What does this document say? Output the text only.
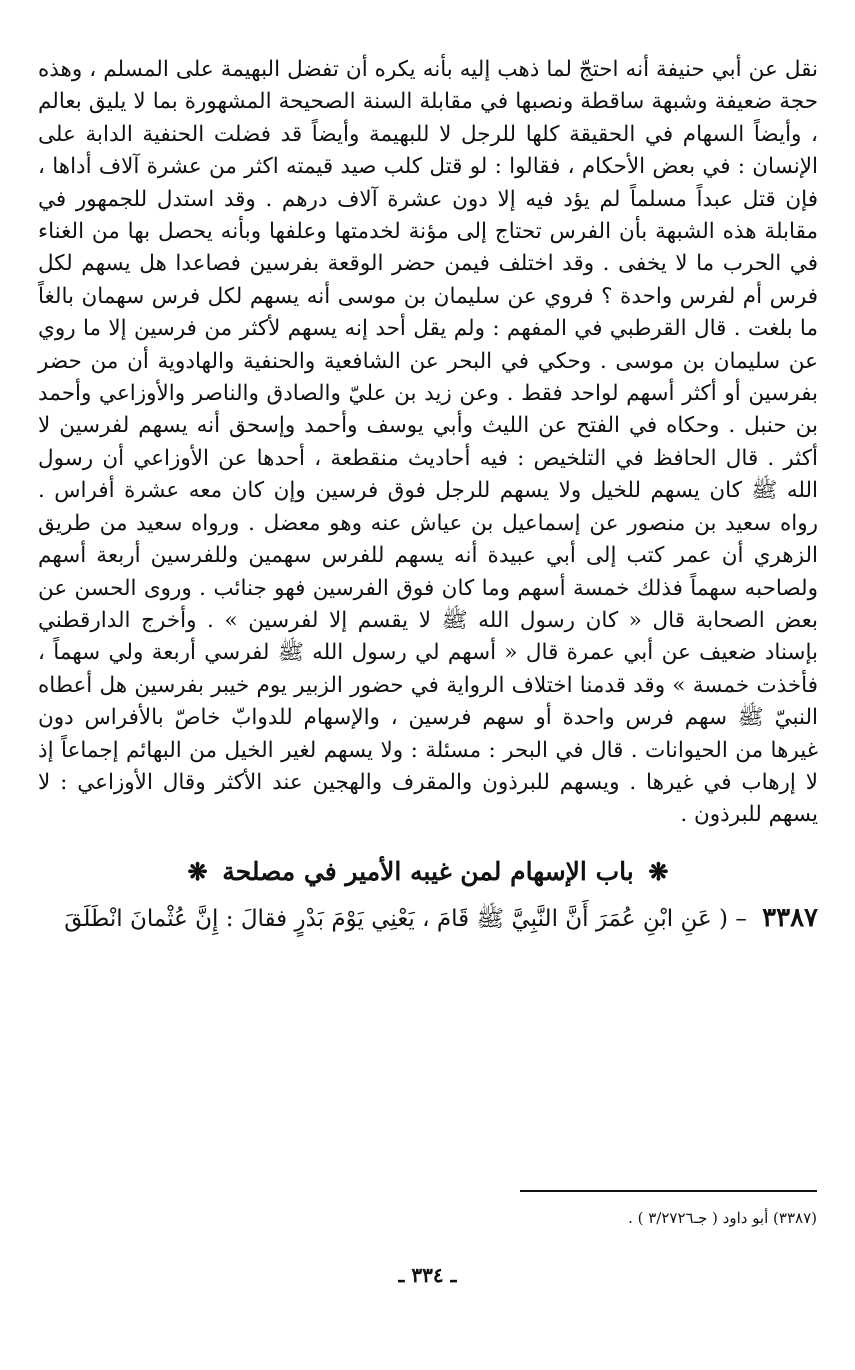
نقل عن أبي حنيفة أنه احتجّ لما ذهب إليه بأنه يكره أن تفضل البهيمة على المسلم ، وهذه حجة ضعيفة وشبهة ساقطة ونصبها في مقابلة السنة الصحيحة المشهورة بما لا يليق بعالم ، وأيضاً السهام في الحقيقة كلها للرجل لا للبهيمة وأيضاً قد فضلت الحنفية الدابة على الإنسان : في بعض الأحكام ، فقالوا : لو قتل كلب صيد قيمته اكثر من عشرة آلاف أداها ، فإن قتل عبداً مسلماً لم يؤد فيه إلا دون عشرة آلاف درهم . وقد استدل للجمهور في مقابلة هذه الشبهة بأن الفرس تحتاج إلى مؤنة لخدمتها وعلفها وبأنه يحصل بها من الغناء في الحرب ما لا يخفى . وقد اختلف فيمن حضر الوقعة بفرسين فصاعدا هل يسهم لكل فرس أم لفرس واحدة ؟ فروي عن سليمان بن موسى أنه يسهم لكل فرس سهمان بالغاً ما بلغت . قال القرطبي في المفهم : ولم يقل أحد إنه يسهم لأكثر من فرسين إلا ما روي عن سليمان بن موسى . وحكي في البحر عن الشافعية والحنفية والهادوية أن من حضر بفرسين أو أكثر أسهم لواحد فقط . وعن زيد بن عليّ والصادق والناصر والأوزاعي وأحمد بن حنبل . وحكاه في الفتح عن الليث وأبي يوسف وأحمد وإسحق أنه يسهم لفرسين لا أكثر . قال الحافظ في التلخيص : فيه أحاديث منقطعة ، أحدها عن الأوزاعي أن رسول الله ﷺ كان يسهم للخيل ولا يسهم للرجل فوق فرسين وإن كان معه عشرة أفراس . رواه سعيد بن منصور عن إسماعيل بن عياش عنه وهو معضل . ورواه سعيد من طريق الزهري أن عمر كتب إلى أبي عبيدة أنه يسهم للفرس سهمين وللفرسين أربعة أسهم ولصاحبه سهماً فذلك خمسة أسهم وما كان فوق الفرسين فهو جنائب . وروى الحسن عن بعض الصحابة قال « كان رسول الله ﷺ لا يقسم إلا لفرسين » . وأخرج الدارقطني بإسناد ضعيف عن أبي عمرة قال « أسهم لي رسول الله ﷺ لفرسي أربعة ولي سهماً ، فأخذت خمسة » وقد قدمنا اختلاف الرواية في حضور الزبير يوم خيبر بفرسين هل أعطاه النبيّ ﷺ سهم فرس واحدة أو سهم فرسين ، والإسهام للدوابّ خاصّ بالأفراس دون غيرها من الحيوانات . قال في البحر : مسئلة : ولا يسهم لغير الخيل من البهائم إجماعاً إذ لا إرهاب في غيرها . ويسهم للبرذون والمقرف والهجين عند الأكثر وقال الأوزاعي : لا يسهم للبرذون .

❋ باب الإسهام لمن غيبه الأمير في مصلحة ❋

٣٣٨٧ – ( عَنِ ابْنِ عُمَرَ أَنَّ النَّبِيَّ ﷺ قَامَ ، يَعْنِي يَوْمَ بَدْرٍ فقالَ : إِنَّ عُثْمانَ انْطَلَقَ

(٣٣٨٧) أبو داود ( جـ٣/٢٧٢٦ ) .
ـ ٣٣٤ ـ
